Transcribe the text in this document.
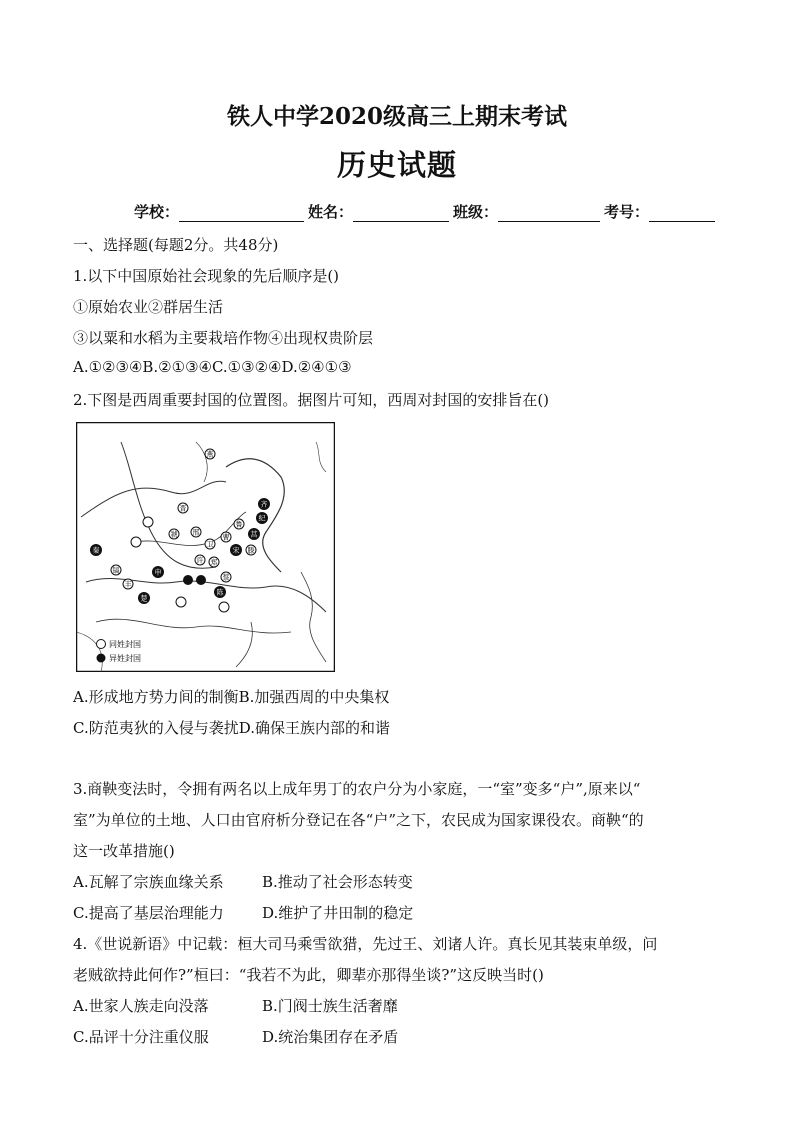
铁人中学2020级高三上期末考试
历史试题
学校：	姓名：	班级：	考号：
一、选择题(每题2分。共48分)
1.以下中国原始社会现象的先后顺序是()
①原始农业②群居生活
③以粟和水稻为主要栽培作物④出现权贵阶层
A.①②③④B.②①③④C.①③②④D.②④①③
2.下图是西周重要封国的位置图。据图片可知，西周对封国的安排旨在()
燕
晋
虢 邢
卫
曹
鲁
郑
许
蔡
滕
丰
镐
齐
纪
莒
宋
陈
秦
申
楚
同姓封国
异姓封国
A.形成地方势力间的制衡B.加强西周的中央集权
C.防范夷狄的入侵与袭扰D.确保王族内部的和谐
3.商鞅变法时，令拥有两名以上成年男丁的农户分为小家庭，一“室”变多“户”,原来以“
室”为单位的土地、人口由官府析分登记在各“户”之下，农民成为国家课役农。商鞅“的
这一改革措施()
A.瓦解了宗族血缘关系	B.推动了社会形态转变
C.提高了基层治理能力	D.维护了井田制的稳定
4.《世说新语》中记载：桓大司马乘雪欲猎，先过王、刘诸人许。真长见其装束单级，问
老贼欲持此何作?”桓曰：“我若不为此，卿辈亦那得坐谈?”这反映当时()
A.世家人族走向没落	B.门阀士族生活奢靡
C.品评十分注重仪服	D.统治集团存在矛盾
